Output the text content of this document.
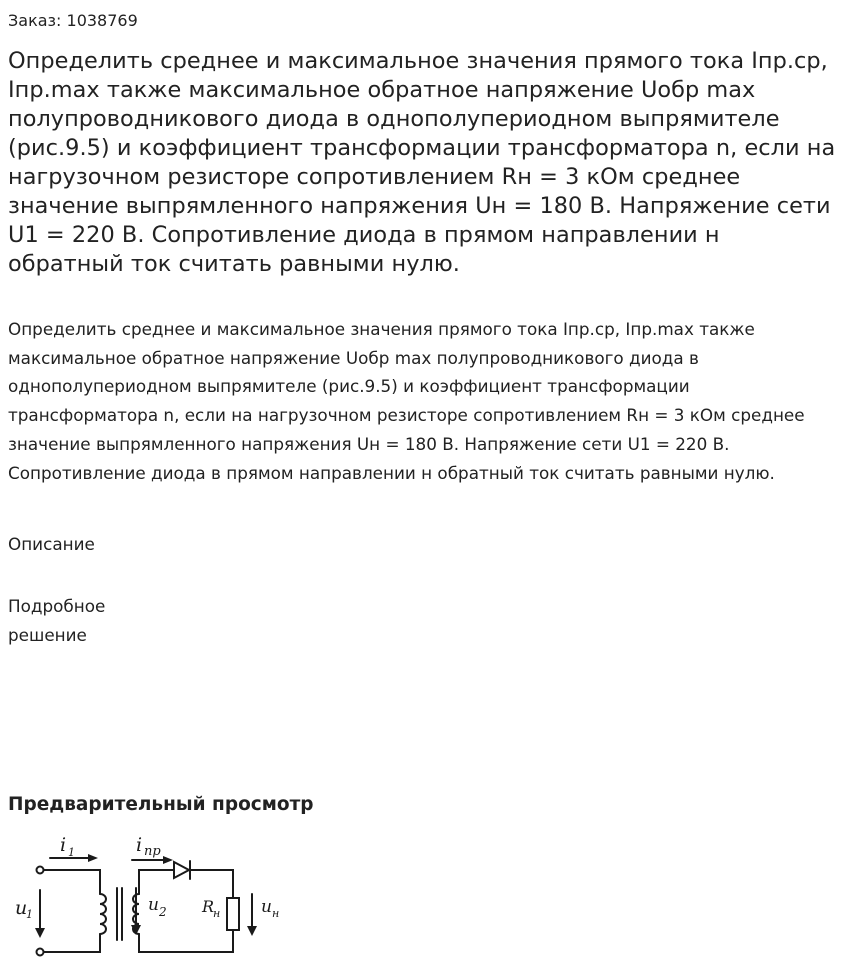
Заказ: 1038769
Определить среднее и максимальное значения прямого тока Iпр.ср, Iпр.max также максимальное обратное напряжение Uобр max полупроводникового диода в однополупериодном выпрямителе (рис.9.5) и коэффициент трансформации трансформатора n, если на нагрузочном резисторе сопротивлением Rн = 3 кОм среднее значение выпрямленного напряжения Uн = 180 В. Напряжение сети U1 = 220 В. Сопротивление диода в прямом направлении н обратный ток считать равными нулю.
Определить среднее и максимальное значения прямого тока Iпр.ср, Iпр.max также максимальное обратное напряжение Uобр max полупроводникового диода в однополупериодном выпрямителе (рис.9.5) и коэффициент трансформации трансформатора n, если на нагрузочном резисторе сопротивлением Rн = 3 кОм среднее значение выпрямленного напряжения Uн = 180 В. Напряжение сети U1 = 220 В. Сопротивление диода в прямом направлении н обратный ток считать равными нулю.
Описание
Подробное решение
Предварительный просмотр
i 1	i пр
u
1	u 2 R
н u н
